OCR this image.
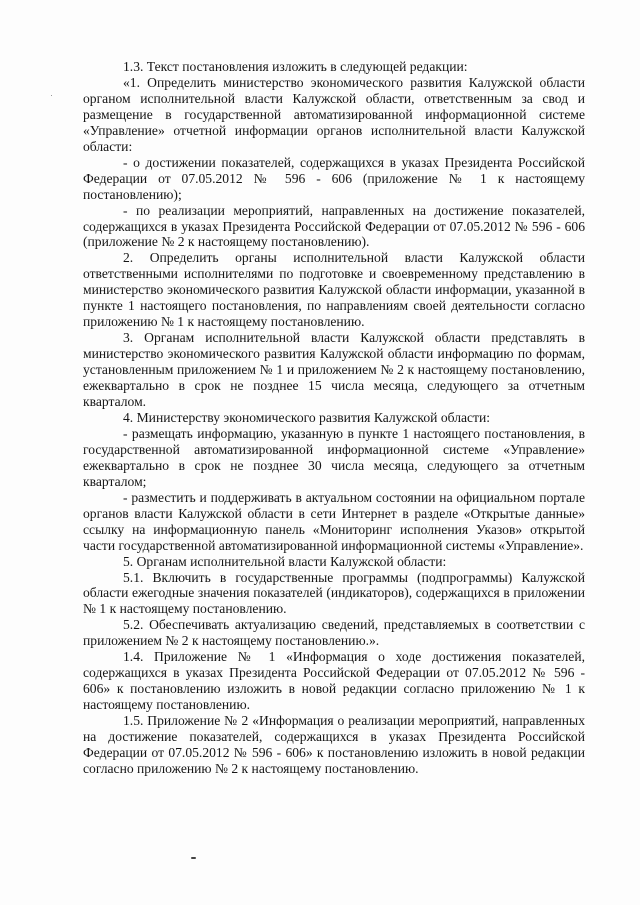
1.3. Текст постановления изложить в следующей редакции:

«1. Определить министерство экономического развития Калужской области органом исполнительной власти Калужской области, ответственным за свод и размещение в государственной автоматизированной информационной системе «Управление» отчетной информации органов исполнительной власти Калужской области:

- о достижении показателей, содержащихся в указах Президента Российской Федерации от 07.05.2012 № 596 - 606 (приложение № 1 к настоящему постановлению);

- по реализации мероприятий, направленных на достижение показателей, содержащихся в указах Президента Российской Федерации от 07.05.2012 № 596 - 606 (приложение № 2 к настоящему постановлению).

2. Определить органы исполнительной власти Калужской области ответственными исполнителями по подготовке и своевременному представлению в министерство экономического развития Калужской области информации, указанной в пункте 1 настоящего постановления, по направлениям своей деятельности согласно приложению № 1 к настоящему постановлению.

3. Органам исполнительной власти Калужской области представлять в министерство экономического развития Калужской области информацию по формам, установленным приложением № 1 и приложением № 2 к настоящему постановлению, ежеквартально в срок не позднее 15 числа месяца, следующего за отчетным кварталом.

4. Министерству экономического развития Калужской области:

- размещать информацию, указанную в пункте 1 настоящего постановления, в государственной автоматизированной информационной системе «Управление» ежеквартально в срок не позднее 30 числа месяца, следующего за отчетным кварталом;

- разместить и поддерживать в актуальном состоянии на официальном портале органов власти Калужской области в сети Интернет в разделе «Открытые данные» ссылку на информационную панель «Мониторинг исполнения Указов» открытой части государственной автоматизированной информационной системы «Управление».

5. Органам исполнительной власти Калужской области:

5.1. Включить в государственные программы (подпрограммы) Калужской области ежегодные значения показателей (индикаторов), содержащихся в приложении № 1 к настоящему постановлению.

5.2. Обеспечивать актуализацию сведений, представляемых в соответствии с приложением № 2 к настоящему постановлению.».

1.4. Приложение № 1 «Информация о ходе достижения показателей, содержащихся в указах Президента Российской Федерации от 07.05.2012 № 596 - 606» к постановлению изложить в новой редакции согласно приложению № 1 к настоящему постановлению.

1.5. Приложение № 2 «Информация о реализации мероприятий, направленных на достижение показателей, содержащихся в указах Президента Российской Федерации от 07.05.2012 № 596 - 606» к постановлению изложить в новой редакции согласно приложению № 2 к настоящему постановлению.
